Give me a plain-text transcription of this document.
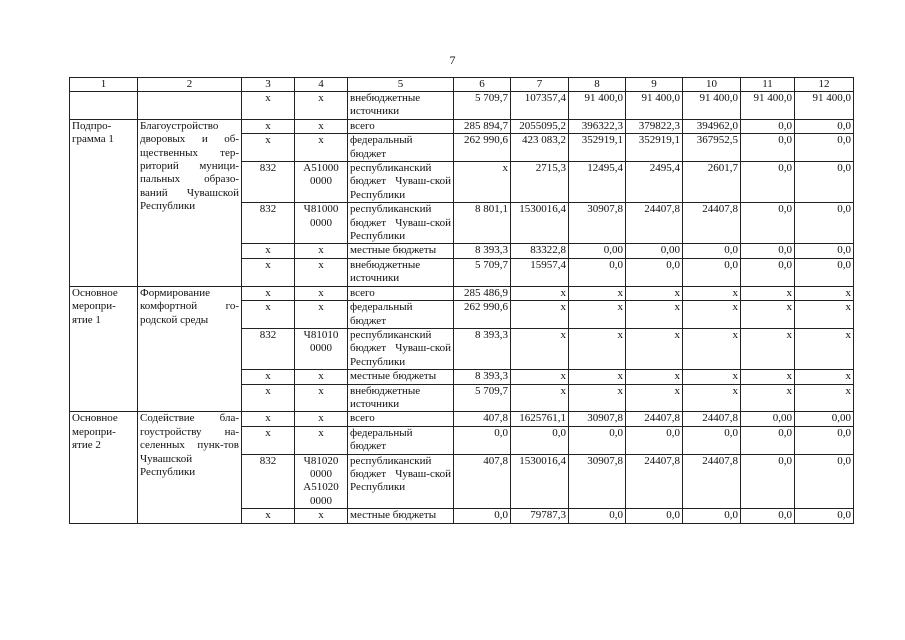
7
1	2	3	4	5	6	7	8	9	10	11	12
		x	x	внебюджетные источники	5 709,7	107357,4	91 400,0	91 400,0	91 400,0	91 400,0	91 400,0
Подпро-грамма 1	Благоустройство дворовых и об-щественных тер-риторий муници-пальных образо-ваний Чувашской Республики	x	x	всего	285 894,7	2055095,2	396322,3	379822,3	394962,0	0,0	0,0
		x	x	федеральный бюджет	262 990,6	423 083,2	352919,1	352919,1	367952,5	0,0	0,0
		832	А51000
0000	республиканский бюджет Чуваш-ской Республики	x	2715,3	12495,4	2495,4	2601,7	0,0	0,0
		832	Ч81000
0000	республиканский бюджет Чуваш-ской Республики	8 801,1	1530016,4	30907,8	24407,8	24407,8	0,0	0,0
		x	x	местные бюджеты	8 393,3	83322,8	0,00	0,00	0,0	0,0	0,0
		x	x	внебюджетные источники	5 709,7	15957,4	0,0	0,0	0,0	0,0	0,0
Основное меропри-ятие 1	Формирование комфортной го-родской среды	x	x	всего	285 486,9	x	x	x	x	x	x
		x	x	федеральный бюджет	262 990,6	x	x	x	x	x	x
		832	Ч81010
0000	республиканский бюджет Чуваш-ской Республики	8 393,3	x	x	x	x	x	x
		x	x	местные бюджеты	8 393,3	x	x	x	x	x	x
		x	x	внебюджетные источники	5 709,7	x	x	x	x	x	x
Основное меропри-ятие 2	Содействие бла-гоустройству на-селенных пунк-тов Чувашской Республики	x	x	всего	407,8	1625761,1	30907,8	24407,8	24407,8	0,00	0,00
		x	x	федеральный бюджет	0,0	0,0	0,0	0,0	0,0	0,0	0,0
		832	Ч81020
0000
А51020
0000	республиканский бюджет Чуваш-ской Республики	407,8	1530016,4	30907,8	24407,8	24407,8	0,0	0,0
		x	x	местные бюджеты	0,0	79787,3	0,0	0,0	0,0	0,0	0,0
